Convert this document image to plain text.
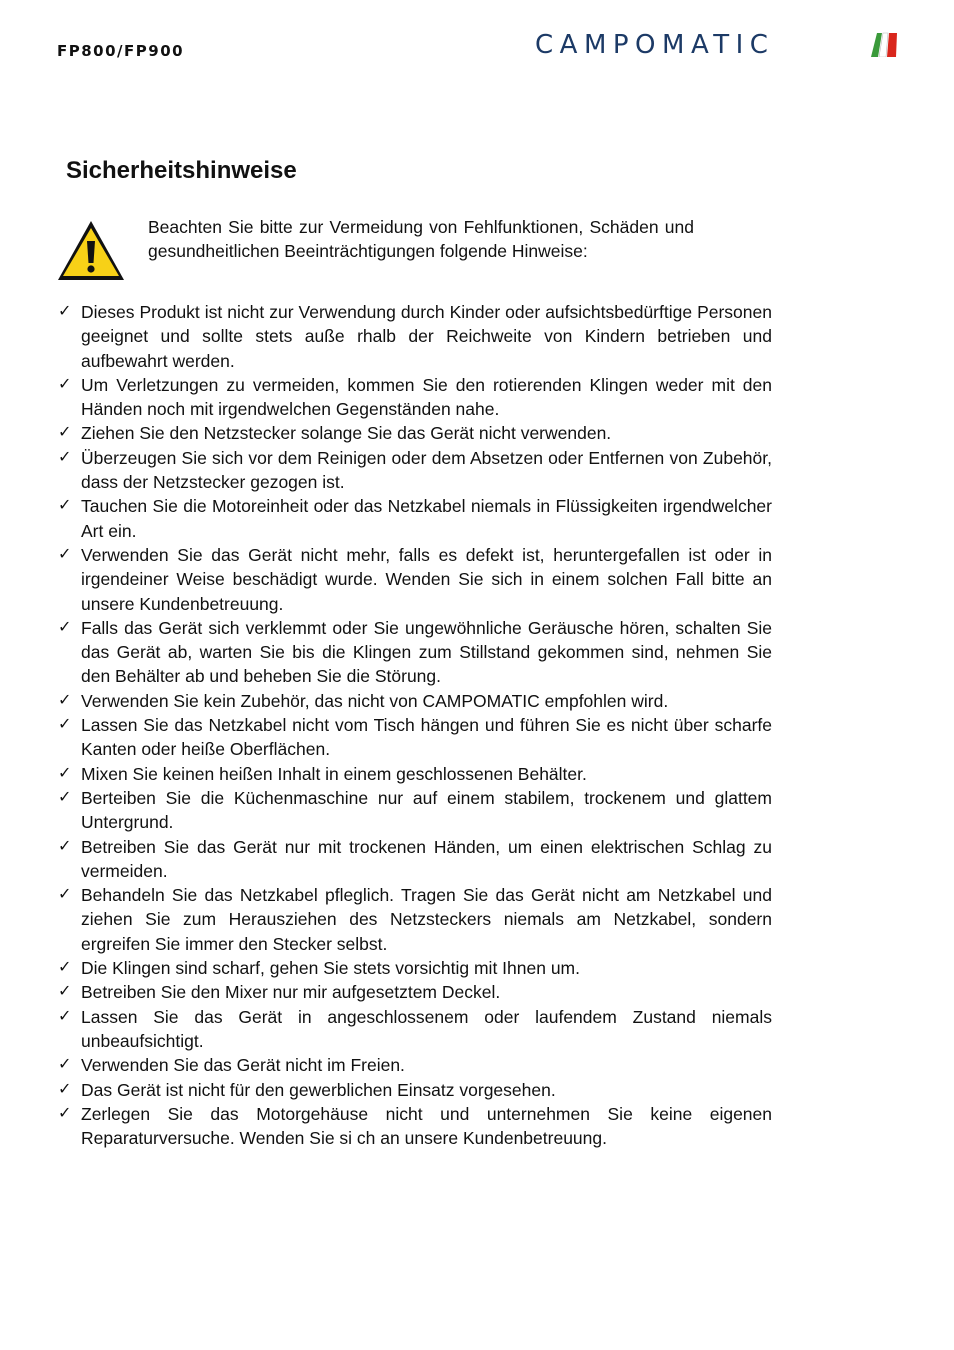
FP800/FP900	CAMPOMATIC
Sicherheitshinweise

Beachten Sie bitte zur Vermeidung von Fehlfunktionen, Schäden und gesundheitlichen Beeinträchtigungen folgende Hinweise:

✓ Dieses Produkt ist nicht zur Verwendung durch Kinder oder aufsichtsbedürftige Personen geeignet und sollte stets auße rhalb der Reichweite von Kindern betrieben und aufbewahrt werden.
✓ Um Verletzungen zu vermeiden, kommen Sie den rotierenden Klingen weder mit den Händen noch mit irgendwelchen Gegenständen nahe.
✓ Ziehen Sie den Netzstecker solange Sie das Gerät nicht verwenden.
✓ Überzeugen Sie sich vor dem Reinigen oder dem Absetzen oder Entfernen von Zubehör, dass der Netzstecker gezogen ist.
✓ Tauchen Sie die Motoreinheit oder das Netzkabel niemals in Flüssigkeiten irgendwelcher Art ein.
✓ Verwenden Sie das Gerät nicht mehr, falls es defekt ist, heruntergefallen ist oder in irgendeiner Weise beschädigt wurde. Wenden Sie sich in einem solchen Fall bitte an unsere Kundenbetreuung.
✓ Falls das Gerät sich verklemmt oder Sie ungewöhnliche Geräusche hören, schalten Sie das Gerät ab, warten Sie bis die Klingen zum Stillstand gekommen sind, nehmen Sie den Behälter ab und beheben Sie die Störung.
✓ Verwenden Sie kein Zubehör, das nicht von CAMPOMATIC empfohlen wird.
✓ Lassen Sie das Netzkabel nicht vom Tisch hängen und führen Sie es nicht über scharfe Kanten oder heiße Oberflächen.
✓ Mixen Sie keinen heißen Inhalt in einem geschlossenen Behälter.
✓ Berteiben Sie die Küchenmaschine nur auf einem stabilem, trockenem und glattem Untergrund.
✓ Betreiben Sie das Gerät nur mit trockenen Händen, um einen elektrischen Schlag zu vermeiden.
✓ Behandeln Sie das Netzkabel pfleglich. Tragen Sie das Gerät nicht am Netzkabel und ziehen Sie zum Herausziehen des Netzsteckers niemals am Netzkabel, sondern ergreifen Sie immer den Stecker selbst.
✓ Die Klingen sind scharf, gehen Sie stets vorsichtig mit Ihnen um.
✓ Betreiben Sie den Mixer nur mir aufgesetztem Deckel.
✓ Lassen Sie das Gerät in angeschlossenem oder laufendem Zustand niemals unbeaufsichtigt.
✓ Verwenden Sie das Gerät nicht im Freien.
✓ Das Gerät ist nicht für den gewerblichen Einsatz vorgesehen.
✓ Zerlegen Sie das Motorgehäuse nicht und unternehmen Sie keine eigenen Reparaturversuche. Wenden Sie si ch an unsere Kundenbetreuung.
